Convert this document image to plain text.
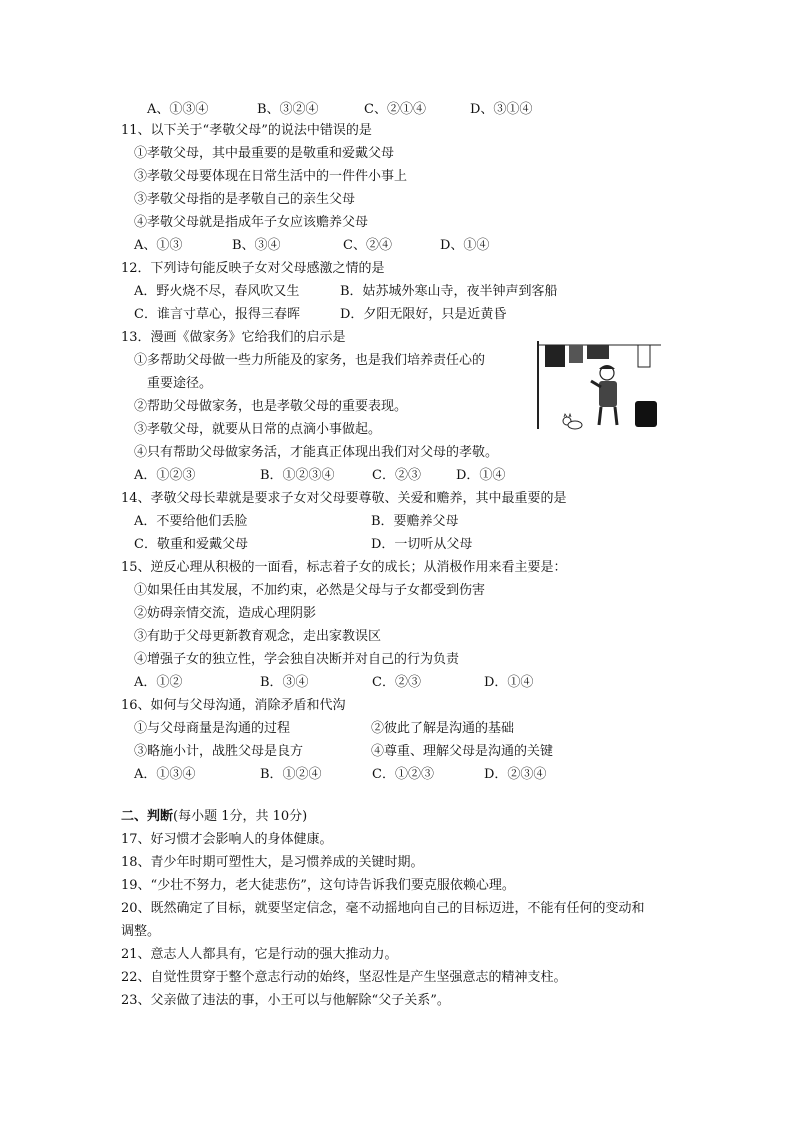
A、①③④	B、③②④	C、②①④	D、③①④
11、以下关于“孝敬父母”的说法中错误的是
①孝敬父母，其中最重要的是敬重和爱戴父母
③孝敬父母要体现在日常生活中的一件件小事上
③孝敬父母指的是孝敬自己的亲生父母
④孝敬父母就是指成年子女应该赡养父母
A、①③	B、③④	C、②④	D、①④
12．下列诗句能反映子女对父母感激之情的是
A．野火烧不尽，春风吹又生	B．姑苏城外寒山寺，夜半钟声到客船
C．谁言寸草心，报得三春晖	D．夕阳无限好，只是近黄昏
13．漫画《做家务》它给我们的启示是
①多帮助父母做一些力所能及的家务，也是我们培养责任心的
重要途径。
②帮助父母做家务，也是孝敬父母的重要表现。
③孝敬父母，就要从日常的点滴小事做起。
④只有帮助父母做家务活，才能真正体现出我们对父母的孝敬。
A．①②③	B．①②③④	C．②③	D．①④
14、孝敬父母长辈就是要求子女对父母要尊敬、关爱和赡养，其中最重要的是
A．不要给他们丢脸	B．要赡养父母
C．敬重和爱戴父母	D．一切听从父母
15、逆反心理从积极的一面看，标志着子女的成长；从消极作用来看主要是：
①如果任由其发展，不加约束，必然是父母与子女都受到伤害
②妨碍亲情交流，造成心理阴影
③有助于父母更新教育观念，走出家教误区
④增强子女的独立性，学会独自决断并对自己的行为负责
A．①②	B．③④	C．②③	D．①④
16、如何与父母沟通，消除矛盾和代沟
①与父母商量是沟通的过程	②彼此了解是沟通的基础
③略施小计，战胜父母是良方	④尊重、理解父母是沟通的关键
A．①③④	B．①②④	C．①②③	D．②③④
二、判断(每小题 1分，共 10分)
17、好习惯才会影响人的身体健康。
18、青少年时期可塑性大，是习惯养成的关键时期。
19、“少壮不努力，老大徒悲伤”，这句诗告诉我们要克服依赖心理。
20、既然确定了目标，就要坚定信念，毫不动摇地向自己的目标迈进，不能有任何的变动和
调整。
21、意志人人都具有，它是行动的强大推动力。
22、自觉性贯穿于整个意志行动的始终，坚忍性是产生坚强意志的精神支柱。
23、父亲做了违法的事，小王可以与他解除“父子关系”。
